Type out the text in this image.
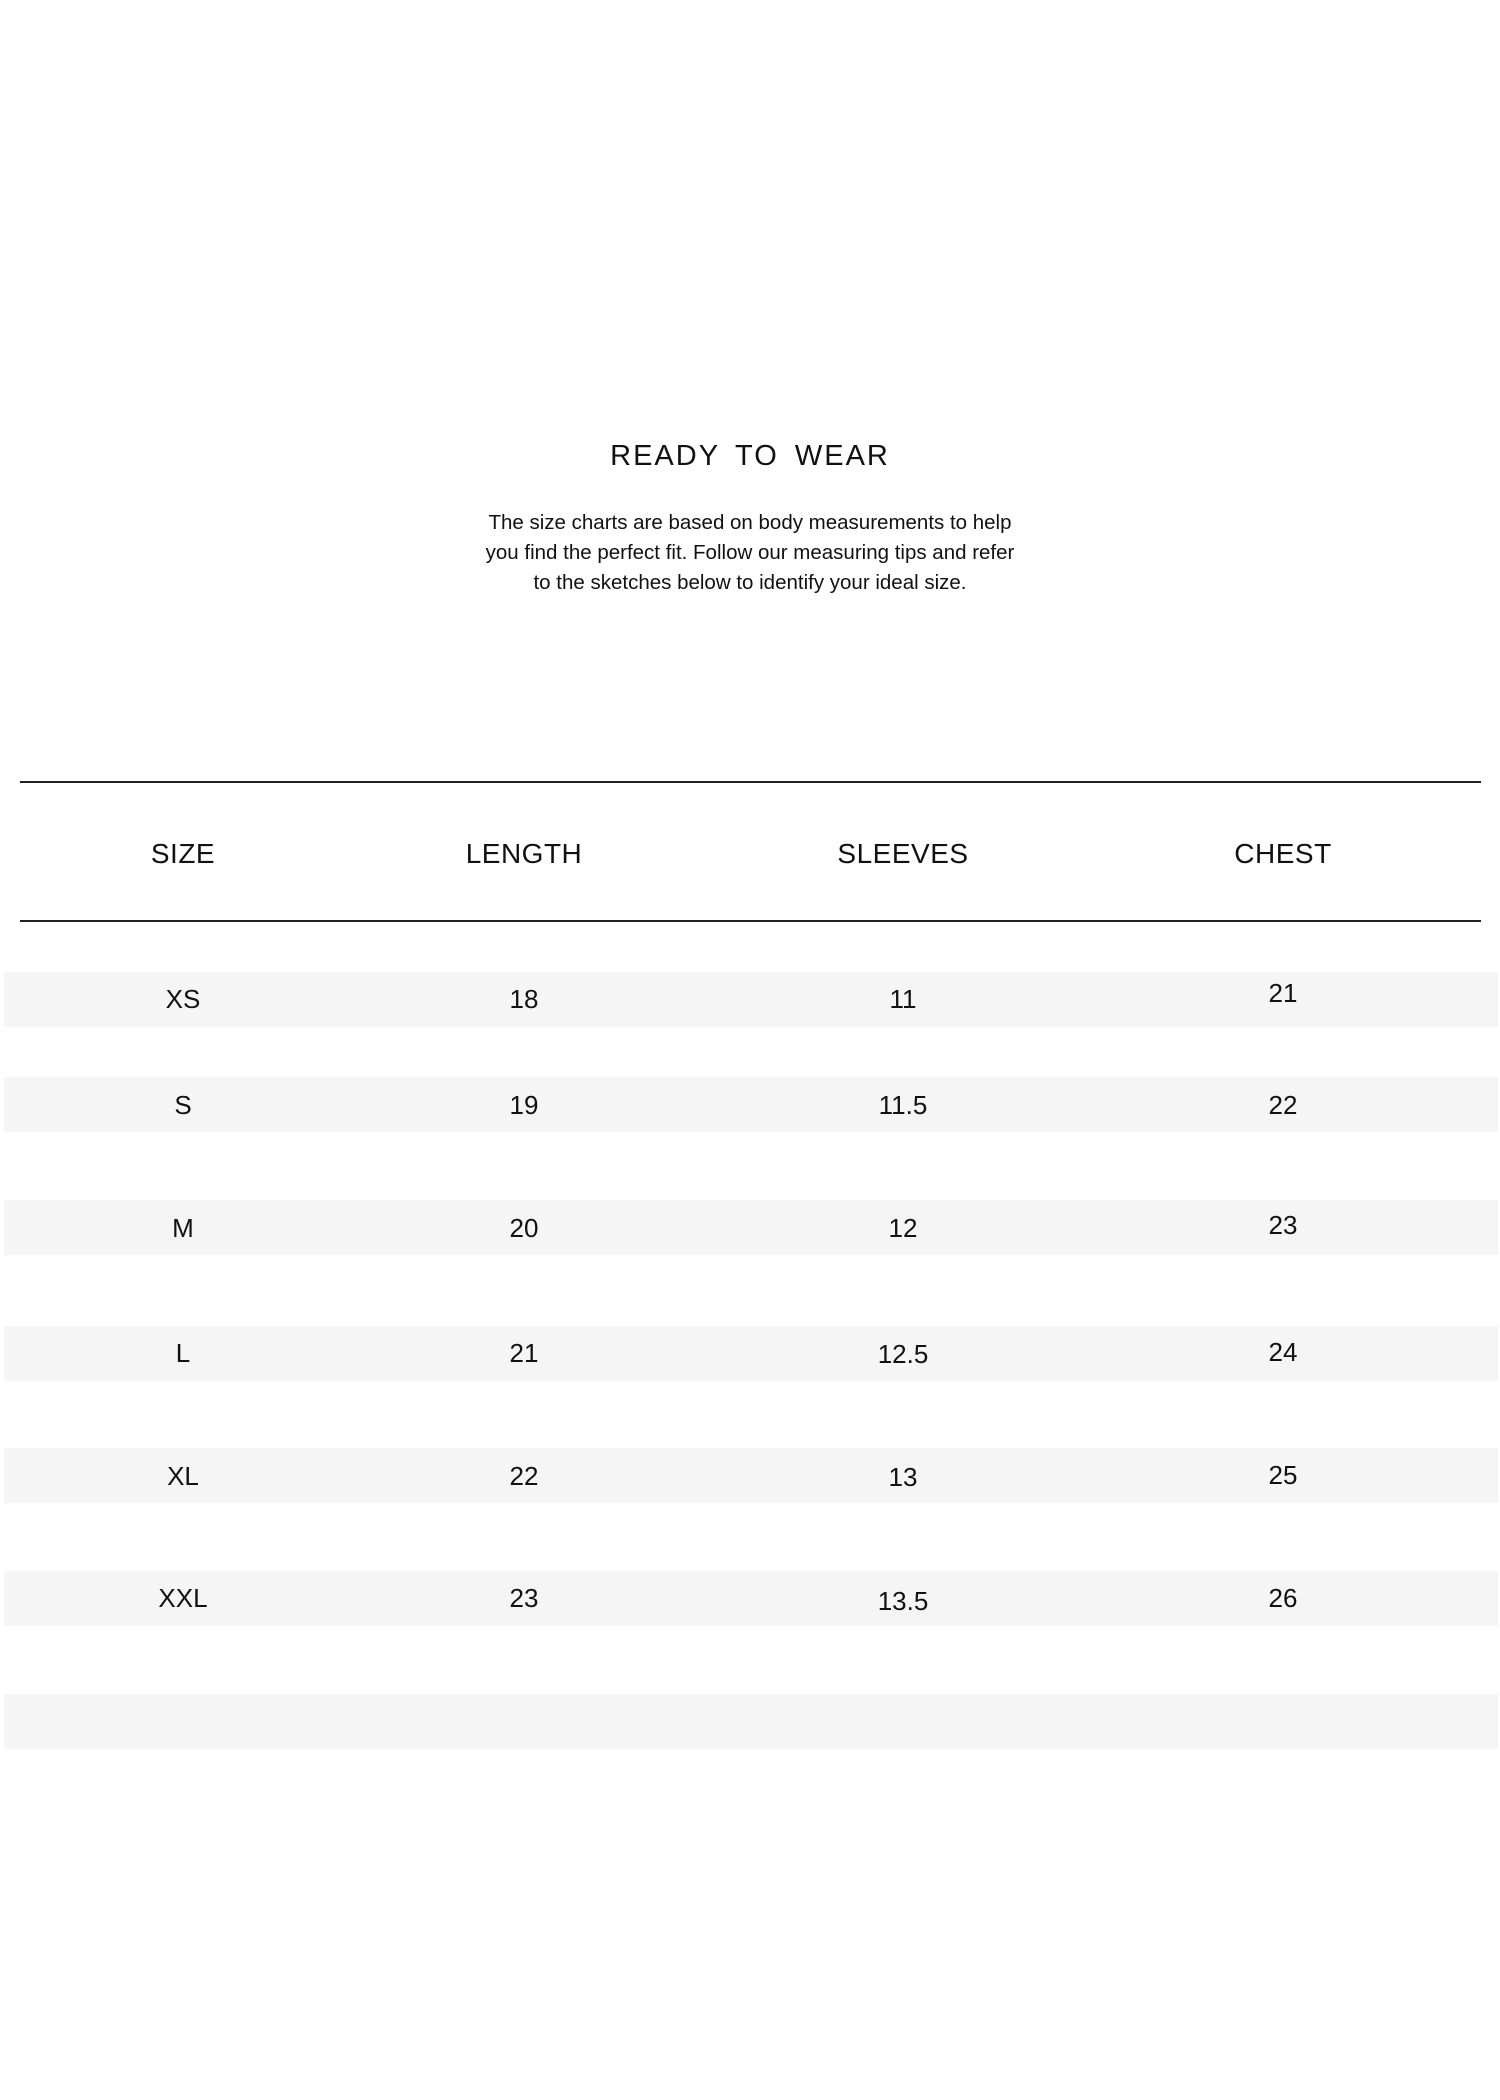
READY TO WEAR
The size charts are based on body measurements to help
you find the perfect fit. Follow our measuring tips and refer
to the sketches below to identify your ideal size.
SIZE	LENGTH	SLEEVES	CHEST
XS	18	11	21
S	19	11.5	22
M	20	12	23
L	21	12.5	24
XL	22	13	25
XXL	23	13.5	26
